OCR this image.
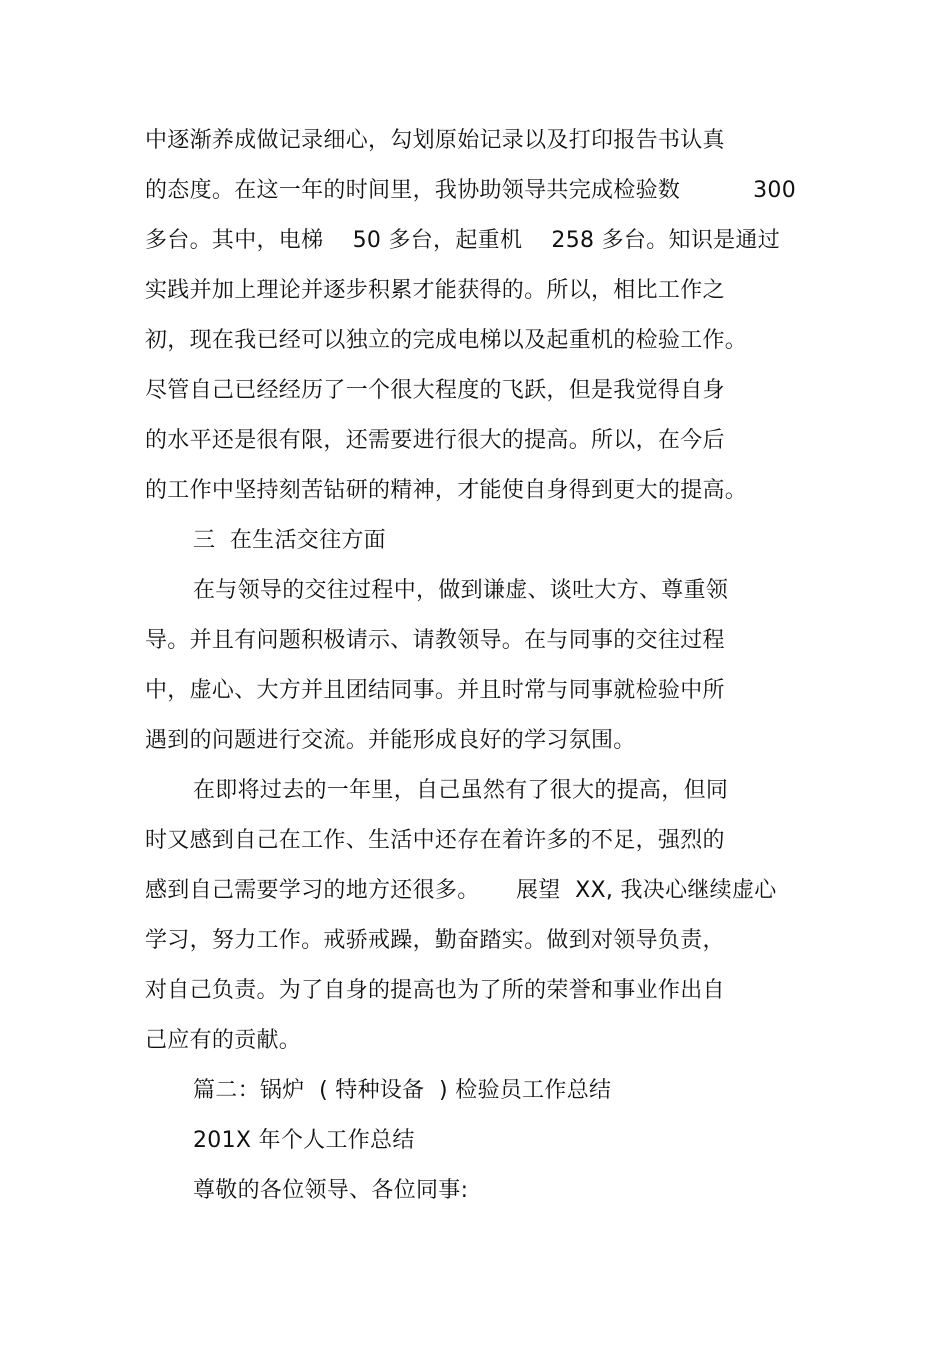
中逐渐养成做记录细心，勾划原始记录以及打印报告书认真
的态度。在这一年的时间里，我协助领导共完成检验数          300
多台。其中，电梯    50 多台，起重机    258 多台。知识是通过
实践并加上理论并逐步积累才能获得的。所以，相比工作之
初，现在我已经可以独立的完成电梯以及起重机的检验工作。
尽管自己已经经历了一个很大程度的飞跃，但是我觉得自身
的水平还是很有限，还需要进行很大的提高。所以，在今后
的工作中坚持刻苦钻研的精神，才能使自身得到更大的提高。
三  在生活交往方面
在与领导的交往过程中，做到谦虚、谈吐大方、尊重领
导。并且有问题积极请示、请教领导。在与同事的交往过程
中，虚心、大方并且团结同事。并且时常与同事就检验中所
遇到的问题进行交流。并能形成良好的学习氛围。
在即将过去的一年里，自己虽然有了很大的提高，但同
时又感到自己在工作、生活中还存在着许多的不足，强烈的
感到自己需要学习的地方还很多。     展望  XX, 我决心继续虚心
学习，努力工作。戒骄戒躁，勤奋踏实。做到对领导负责，
对自己负责。为了自身的提高也为了所的荣誉和事业作出自
己应有的贡献。
篇二：锅炉  ( 特种设备  ) 检验员工作总结
201X 年个人工作总结
尊敬的各位领导、各位同事:
